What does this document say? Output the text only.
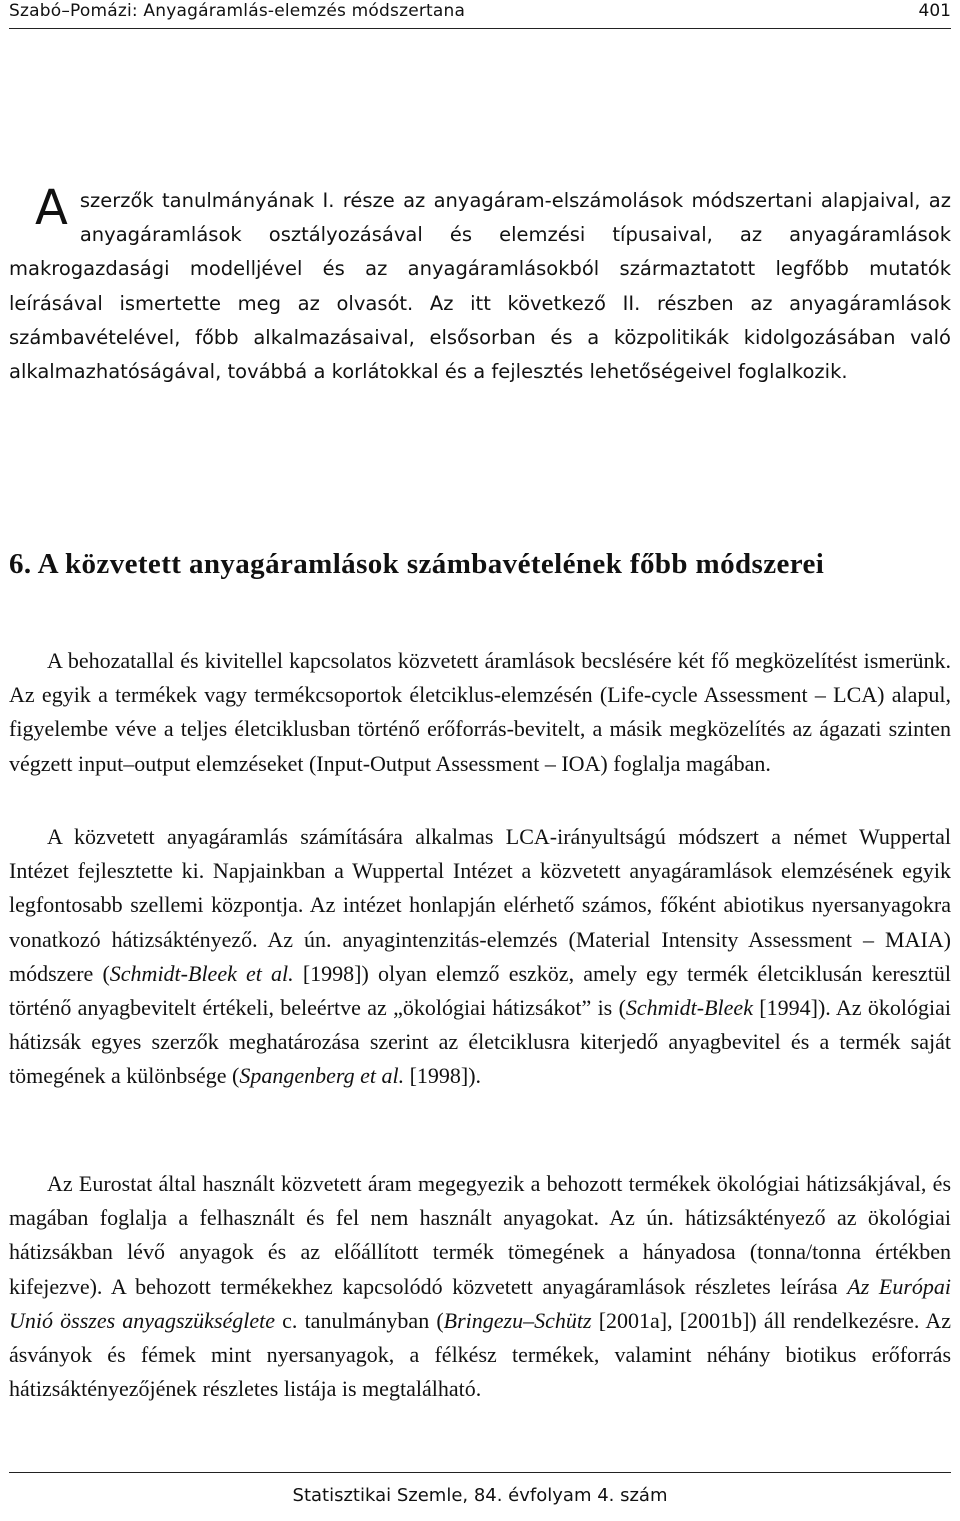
Szabó–Pomázi: Anyagáramlás-elemzés módszertana	401
Aszerzők tanulmányának I. része az anyagáram-elszámolások módszertani alapjaival, az anyagáramlások osztályozásával és elemzési típusaival, az anyagáramlások makrogazdasági modelljével és az anyagáramlásokból származtatott legfőbb mutatók leírásával ismertette meg az olvasót. Az itt következő II. részben az anyagáramlások számbavételével, főbb alkalmazásaival, elsősorban és a közpolitikák kidolgozásában való alkalmazhatóságával, továbbá a korlátokkal és a fejlesztés lehetőségeivel foglalkozik.
6. A közvetett anyagáramlások számbavételének főbb módszerei
A behozatallal és kivitellel kapcsolatos közvetett áramlások becslésére két fő megközelítést ismerünk. Az egyik a termékek vagy termékcsoportok életciklus-elemzésén (Life-cycle Assessment – LCA) alapul, figyelembe véve a teljes életciklusban történő erőforrás-bevitelt, a másik megközelítés az ágazati szinten végzett input–output elemzéseket (Input-Output Assessment – IOA) foglalja magában.
A közvetett anyagáramlás számítására alkalmas LCA-irányultságú módszert a német Wuppertal Intézet fejlesztette ki. Napjainkban a Wuppertal Intézet a közvetett anyagáramlások elemzésének egyik legfontosabb szellemi központja. Az intézet honlapján elérhető számos, főként abiotikus nyersanyagokra vonatkozó hátizsáktényező. Az ún. anyagintenzitás-elemzés (Material Intensity Assessment – MAIA) módszere (Schmidt-Bleek et al. [1998]) olyan elemző eszköz, amely egy termék életciklusán keresztül történő anyagbevitelt értékeli, beleértve az „ökológiai hátizsákot” is (Schmidt-Bleek [1994]). Az ökológiai hátizsák egyes szerzők meghatározása szerint az életciklusra kiterjedő anyagbevitel és a termék saját tömegének a különbsége (Spangenberg et al. [1998]).
Az Eurostat által használt közvetett áram megegyezik a behozott termékek ökológiai hátizsákjával, és magában foglalja a felhasznált és fel nem használt anyagokat. Az ún. hátizsáktényező az ökológiai hátizsákban lévő anyagok és az előállított termék tömegének a hányadosa (tonna/tonna értékben kifejezve). A behozott termékekhez kapcsolódó közvetett anyagáramlások részletes leírása Az Európai Unió összes anyagszükséglete c. tanulmányban (Bringezu–Schütz [2001a], [2001b]) áll rendelkezésre. Az ásványok és fémek mint nyersanyagok, a félkész termékek, valamint néhány biotikus erőforrás hátizsáktényezőjének részletes listája is megtalálható.
Statisztikai Szemle, 84. évfolyam 4. szám
